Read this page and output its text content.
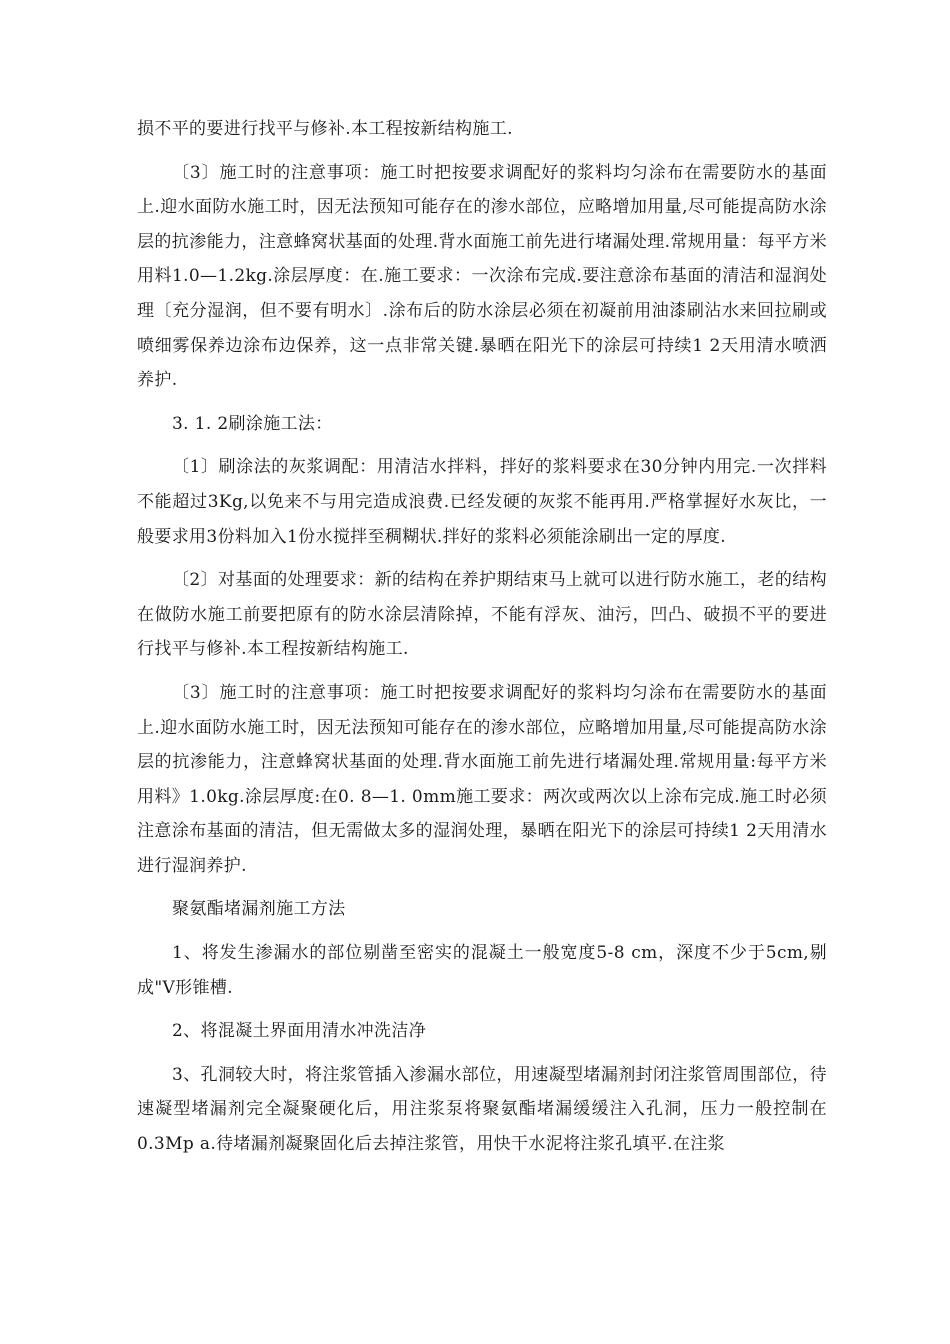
损不平的要进行找平与修补.本工程按新结构施工.

〔3〕施工时的注意事项：施工时把按要求调配好的浆料均匀涂布在需要防水的基面上.迎水面防水施工时，因无法预知可能存在的渗水部位，应略增加用量,尽可能提高防水涂层的抗渗能力，注意蜂窝状基面的处理.背水面施工前先进行堵漏处理.常规用量：每平方米用料1.0—1.2kg.涂层厚度：在.施工要求：一次涂布完成.要注意涂布基面的清洁和湿润处理〔充分湿润，但不要有明水〕.涂布后的防水涂层必须在初凝前用油漆刷沾水来回拉刷或喷细雾保养边涂布边保养，这一点非常关键.暴晒在阳光下的涂层可持续1 2天用清水喷洒养护.

3. 1. 2刷涂施工法：

〔1〕刷涂法的灰浆调配：用清洁水拌料，拌好的浆料要求在30分钟内用完.一次拌料不能超过3Kg,以免来不与用完造成浪费.已经发硬的灰浆不能再用.严格掌握好水灰比，一般要求用3份料加入1份水搅拌至稠糊状.拌好的浆料必须能涂刷出一定的厚度.

〔2〕对基面的处理要求：新的结构在养护期结束马上就可以进行防水施工，老的结构在做防水施工前要把原有的防水涂层清除掉，不能有浮灰、油污，凹凸、破损不平的要进行找平与修补.本工程按新结构施工.

〔3〕施工时的注意事项：施工时把按要求调配好的浆料均匀涂布在需要防水的基面上.迎水面防水施工时，因无法预知可能存在的渗水部位，应略增加用量,尽可能提高防水涂层的抗渗能力，注意蜂窝状基面的处理.背水面施工前先进行堵漏处理.常规用量:每平方米用料》1.0kg.涂层厚度:在0. 8—1. 0mm施工要求：两次或两次以上涂布完成.施工时必须注意涂布基面的清洁，但无需做太多的湿润处理，暴晒在阳光下的涂层可持续1 2天用清水进行湿润养护.

聚氨酯堵漏剂施工方法

1、将发生渗漏水的部位剔凿至密实的混凝土一般宽度5-8 cm，深度不少于5cm,剔成"V形锥槽.

2、将混凝土界面用清水冲洗洁净

3、孔洞较大时，将注浆管插入渗漏水部位，用速凝型堵漏剂封闭注浆管周围部位，待速凝型堵漏剂完全凝聚硬化后，用注浆泵将聚氨酯堵漏缓缓注入孔洞，压力一般控制在0.3Mp a.待堵漏剂凝聚固化后去掉注浆管，用快干水泥将注浆孔填平.在注浆
